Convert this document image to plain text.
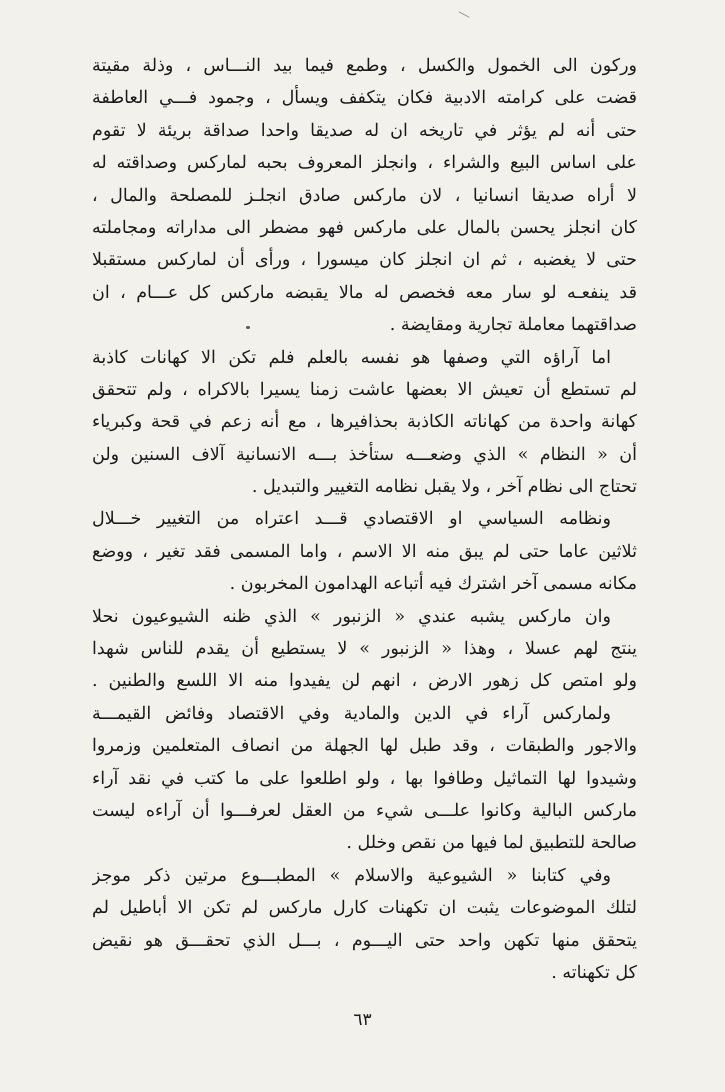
وركون الى الخمول والكسل ، وطمع فيما بيد النـــاس ، وذلة مقيتة
قضت على كرامته الادبية فكان يتكفف ويسأل ، وجمود فـــي العاطفة
حتى أنه لم يؤثر في تاريخه ان له صديقا واحدا صداقة بريئة لا تقوم
على اساس البيع والشراء ، وانجلز المعروف بحبه لماركس وصداقته له
لا أراه صديقا انسانيا ، لان ماركس صادق انجلـز للمصلحة والمال ،
كان انجلز يحسن بالمال على ماركس فهو مضطر الى مداراته ومجاملته
حتى لا يغضبه ، ثم ان انجلز كان ميسورا ، ورأى أن لماركس مستقبلا
قد ينفعـه لو سار معه فخصص له مالا يقبضه ماركس كل عـــام ، ان
صداقتهما معاملة تجارية ومقايضة .
اما آراؤه التي وصفها هو نفسه بالعلم فلم تكن الا كهانات كاذبة
لم تستطع أن تعيش الا بعضها عاشت زمنا يسيرا بالاكراه ، ولم تتحقق
كهانة واحدة من كهاناته الكاذبة بحذافيرها ، مع أنه زعم في قحة وكبرياء
أن « النظام » الذي وضعـــه ستأخذ بـــه الانسانية آلاف السنين ولن
تحتاج الى نظام آخر ، ولا يقبل نظامه التغيير والتبديل .
ونظامه السياسي او الاقتصادي قـــد اعتراه من التغيير خـــلال
ثلاثين عاما حتى لم يبق منه الا الاسم ، واما المسمى فقد تغير ، ووضع
مكانه مسمى آخر اشترك فيه أتباعه الهدامون المخربون .
وان ماركس يشبه عندي « الزنبور » الذي ظنه الشيوعيون نحلا
ينتج لهم عسلا ، وهذا « الزنبور » لا يستطيع أن يقدم للناس شهدا
ولو امتص كل زهور الارض ، انهم لن يفيدوا منه الا اللسع والطنين .
ولماركس آراء في الدين والمادية وفي الاقتصاد وفائض القيمـــة
والاجور والطبقات ، وقد طبل لها الجهلة من انصاف المتعلمين وزمروا
وشيدوا لها التماثيل وطافوا بها ، ولو اطلعوا على ما كتب في نقد آراء
ماركس البالية وكانوا علـــى شيء من العقل لعرفـــوا أن آراءه ليست
صالحة للتطبيق لما فيها من نقص وخلل .
وفي كتابنا « الشيوعية والاسلام » المطبـــوع مرتين ذكر موجز
لتلك الموضوعات يثبت ان تكهنات كارل ماركس لم تكن الا أباطيل لم
يتحقق منها تكهن واحد حتى اليـــوم ، بـــل الذي تحقـــق هو نقيض
كل تكهناته .
٦٣
